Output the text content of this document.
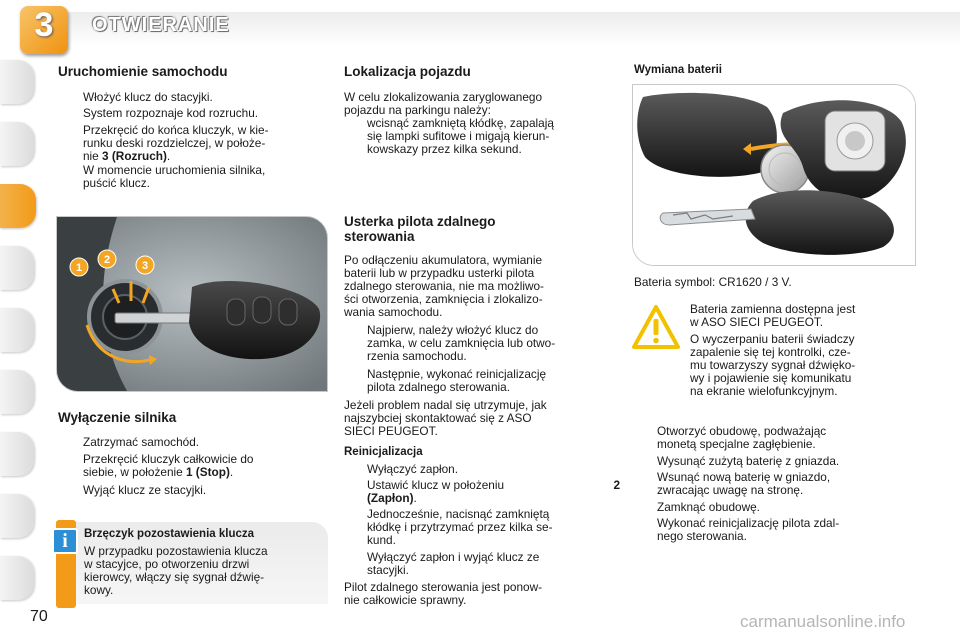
3	OTWIERANIE
Uruchomienie samochodu
Włożyć klucz do stacyjki.
System rozpoznaje kod rozruchu.
Przekręcić do końca kluczyk, w kie-
runku deski rozdzielczej, w położe-
nie 3 (Rozruch).
W momencie uruchomienia silnika,
puścić klucz.
1
2	3
Wyłączenie silnika
Zatrzymać samochód.
Przekręcić kluczyk całkowicie do
siebie, w położenie 1 (Stop).
Wyjąć klucz ze stacyjki.
i	Brzęczyk pozostawienia klucza

W przypadku pozostawienia klucza

w stacyjce, po otworzeniu drzwi

kierowcy, włączy się sygnał dźwię-

kowy.

Lokalizacja pojazdu

W celu zlokalizowania zaryglowanego

pojazdu na parkingu należy:

wcisnąć zamkniętą kłódkę, zapalają
się lampki sufitowe i migają kierun-
kowskazy przez kilka sekund.
Usterka pilota zdalnego
sterowania

Po odłączeniu akumulatora, wymianie

baterii lub w przypadku usterki pilota

zdalnego sterowania, nie ma możliwo-

ści otworzenia, zamknięcia i zlokalizo-

wania samochodu.

Najpierw, należy włożyć klucz do
zamka, w celu zamknięcia lub otwo-
rzenia samochodu.
Następnie, wykonać reinicjalizację
pilota zdalnego sterowania.

Jeżeli problem nadal się utrzymuje, jak

najszybciej skontaktować się z ASO

SIECI PEUGEOT.

Reinicjalizacja
Wyłączyć zapłon.
Ustawić klucz w położeniu	2
(Zapłon).
Jednocześnie, nacisnąć zamkniętą
kłódkę i przytrzymać przez kilka se-
kund.
Wyłączyć zapłon i wyjąć klucz ze
stacyjki.

Pilot zdalnego sterowania jest ponow-

nie całkowicie sprawny.

Wymiana baterii

Bateria symbol: CR1620 / 3 V.

Bateria zamienna dostępna jest

w ASO SIECI PEUGEOT.

O wyczerpaniu baterii świadczy

zapalenie się tej kontrolki, cze-

mu towarzyszy sygnał dźwięko-

wy i pojawienie się komunikatu

na ekranie wielofunkcyjnym.

Otworzyć obudowę, podważając
monetą specjalne zagłębienie.
Wysunąć zużytą baterię z gniazda.
Wsunąć nową baterię w gniazdo,
zwracając uwagę na stronę.
Zamknąć obudowę.
Wykonać reinicjalizację pilota zdal-
nego sterowania.
70	carmanualsonline.info
